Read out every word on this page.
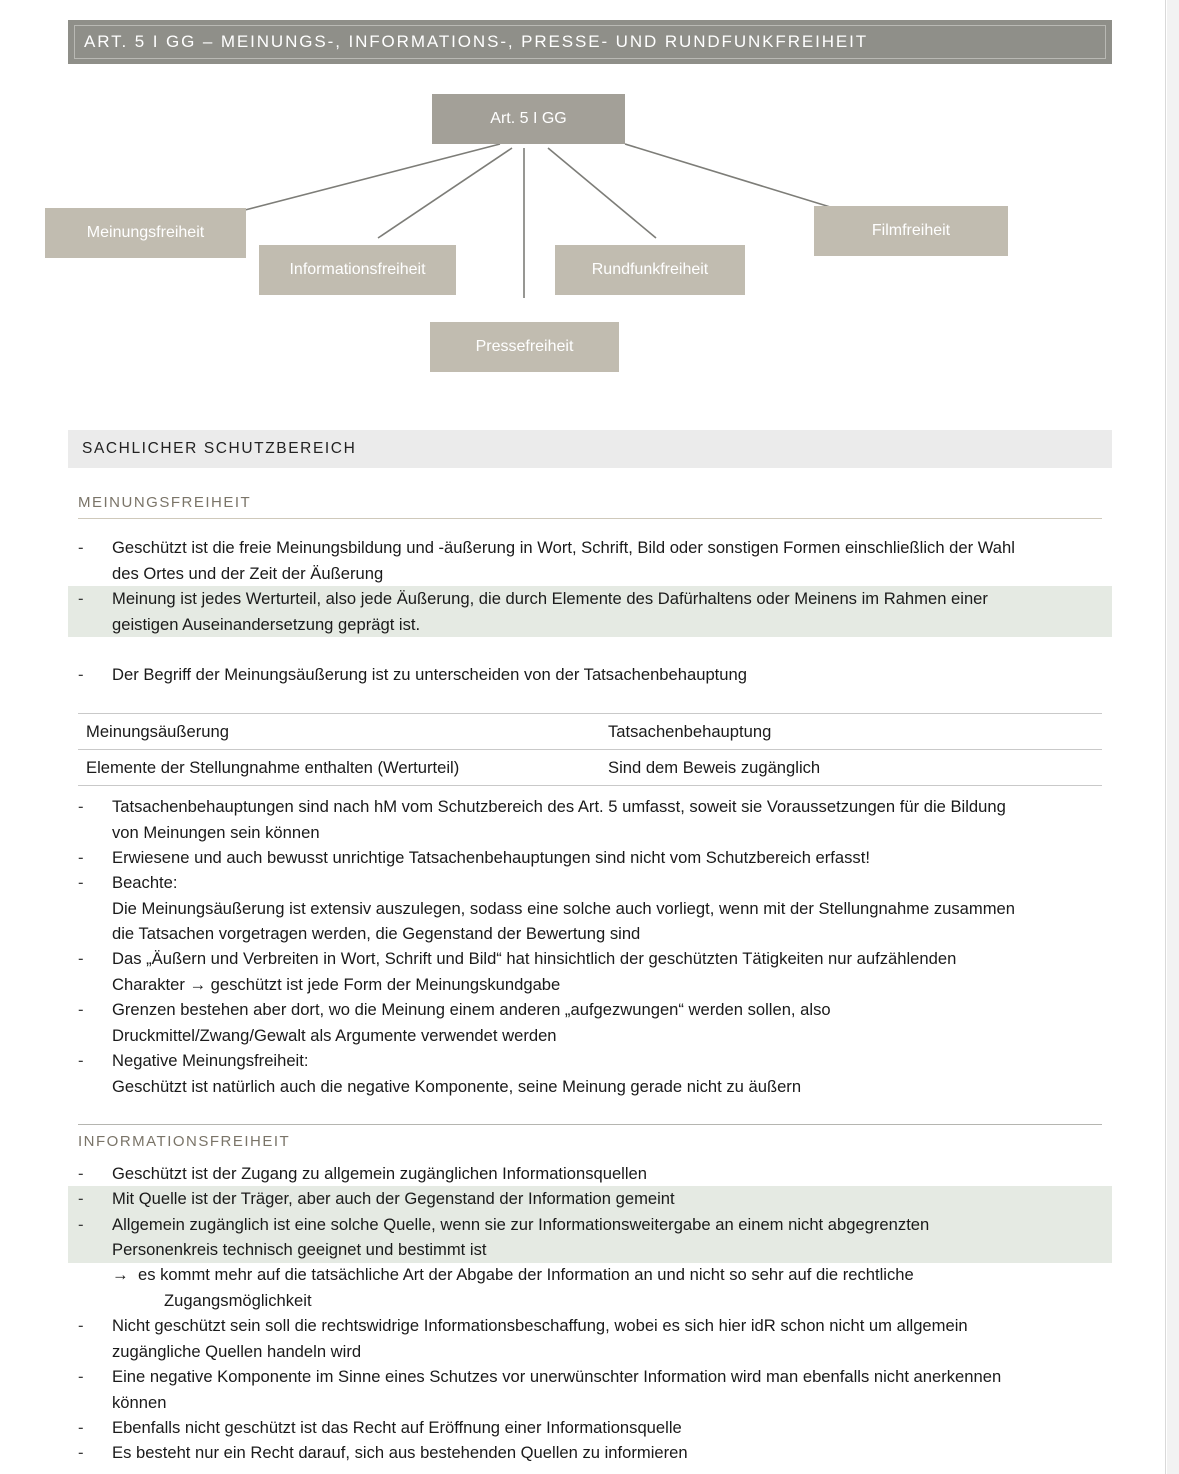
ART. 5 I GG – MEINUNGS-, INFORMATIONS-, PRESSE- UND RUNDFUNKFREIHEIT
Art. 5 I GG
Meinungsfreiheit
Informationsfreiheit
Pressefreiheit
Rundfunkfreiheit
Filmfreiheit
SACHLICHER SCHUTZBEREICH
MEINUNGSFREIHEIT
- Geschützt ist die freie Meinungsbildung und -äußerung in Wort, Schrift, Bild oder sonstigen Formen einschließlich der Wahl
des Ortes und der Zeit der Äußerung
- Meinung ist jedes Werturteil, also jede Äußerung, die durch Elemente des Dafürhaltens oder Meinens im Rahmen einer
geistigen Auseinandersetzung geprägt ist.
- Der Begriff der Meinungsäußerung ist zu unterscheiden von der Tatsachenbehauptung
Meinungsäußerung	Tatsachenbehauptung
Elemente der Stellungnahme enthalten (Werturteil)	Sind dem Beweis zugänglich
- Tatsachenbehauptungen sind nach hM vom Schutzbereich des Art. 5 umfasst, soweit sie Voraussetzungen für die Bildung
von Meinungen sein können
- Erwiesene und auch bewusst unrichtige Tatsachenbehauptungen sind nicht vom Schutzbereich erfasst!
- Beachte:
Die Meinungsäußerung ist extensiv auszulegen, sodass eine solche auch vorliegt, wenn mit der Stellungnahme zusammen
die Tatsachen vorgetragen werden, die Gegenstand der Bewertung sind
- Das „Äußern und Verbreiten in Wort, Schrift und Bild“ hat hinsichtlich der geschützten Tätigkeiten nur aufzählenden
Charakter → geschützt ist jede Form der Meinungskundgabe
- Grenzen bestehen aber dort, wo die Meinung einem anderen „aufgezwungen“ werden sollen, also
Druckmittel/Zwang/Gewalt als Argumente verwendet werden
- Negative Meinungsfreiheit:
Geschützt ist natürlich auch die negative Komponente, seine Meinung gerade nicht zu äußern
INFORMATIONSFREIHEIT
- Geschützt ist der Zugang zu allgemein zugänglichen Informationsquellen
- Mit Quelle ist der Träger, aber auch der Gegenstand der Information gemeint
- Allgemein zugänglich ist eine solche Quelle, wenn sie zur Informationsweitergabe an einem nicht abgegrenzten
Personenkreis technisch geeignet und bestimmt ist
→ es kommt mehr auf die tatsächliche Art der Abgabe der Information an und nicht so sehr auf die rechtliche
Zugangsmöglichkeit
- Nicht geschützt sein soll die rechtswidrige Informationsbeschaffung, wobei es sich hier idR schon nicht um allgemein
zugängliche Quellen handeln wird
- Eine negative Komponente im Sinne eines Schutzes vor unerwünschter Information wird man ebenfalls nicht anerkennen
können
- Ebenfalls nicht geschützt ist das Recht auf Eröffnung einer Informationsquelle
- Es besteht nur ein Recht darauf, sich aus bestehenden Quellen zu informieren
